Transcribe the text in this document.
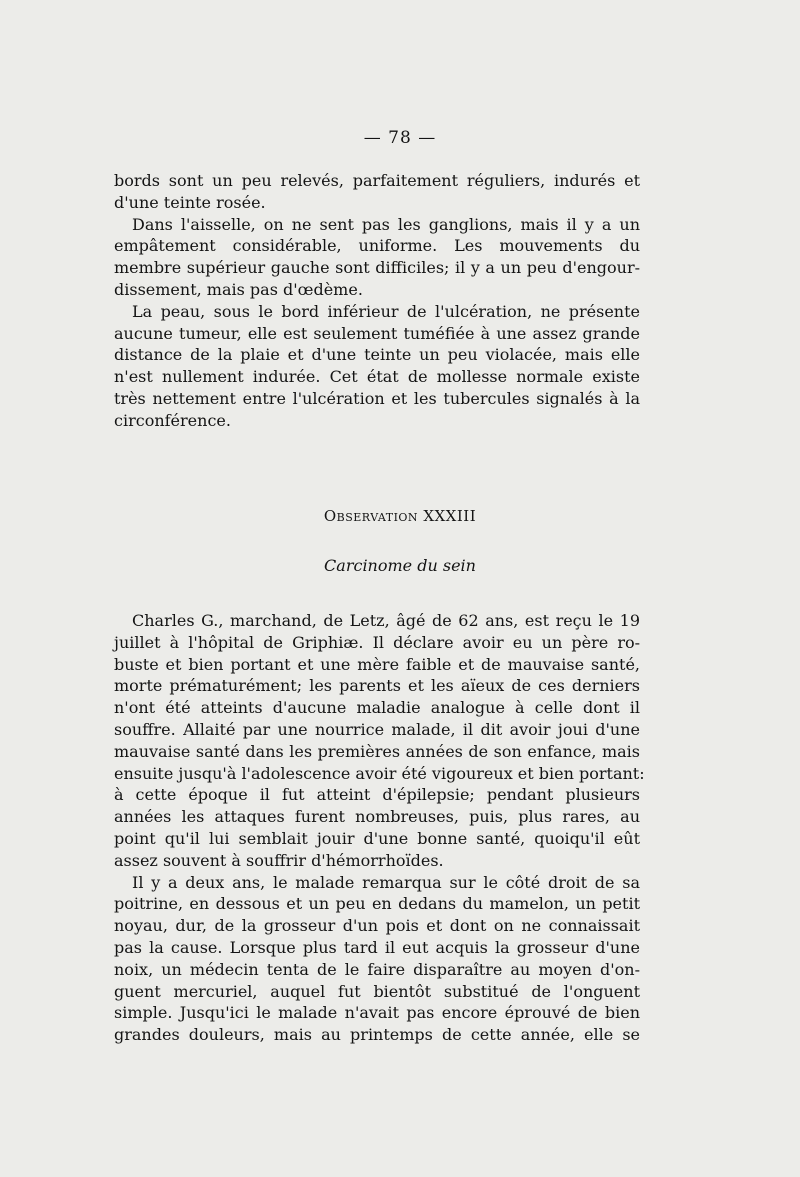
— 78 —
bords sont un peu relevés, parfaitement réguliers, indurés et
d'une teinte rosée.
Dans l'aisselle, on ne sent pas les ganglions, mais il y a un
empâtement considérable, uniforme. Les mouvements du
membre supérieur gauche sont difficiles; il y a un peu d'engour-
dissement, mais pas d'œdème.
La peau, sous le bord inférieur de l'ulcération, ne présente
aucune tumeur, elle est seulement tuméfiée à une assez grande
distance de la plaie et d'une teinte un peu violacée, mais elle
n'est nullement indurée. Cet état de mollesse normale existe
très nettement entre l'ulcération et les tubercules signalés à la
circonférence.
Observation XXXIII
Carcinome du sein
Charles G., marchand, de Letz, âgé de 62 ans, est reçu le 19
juillet à l'hôpital de Griphiæ. Il déclare avoir eu un père ro-
buste et bien portant et une mère faible et de mauvaise santé,
morte prématurément; les parents et les aïeux de ces derniers
n'ont été atteints d'aucune maladie analogue à celle dont il
souffre. Allaité par une nourrice malade, il dit avoir joui d'une
mauvaise santé dans les premières années de son enfance, mais
ensuite jusqu'à l'adolescence avoir été vigoureux et bien portant:
à cette époque il fut atteint d'épilepsie; pendant plusieurs
années les attaques furent nombreuses, puis, plus rares, au
point qu'il lui semblait jouir d'une bonne santé, quoiqu'il eût
assez souvent à souffrir d'hémorrhoïdes.
Il y a deux ans, le malade remarqua sur le côté droit de sa
poitrine, en dessous et un peu en dedans du mamelon, un petit
noyau, dur, de la grosseur d'un pois et dont on ne connaissait
pas la cause. Lorsque plus tard il eut acquis la grosseur d'une
noix, un médecin tenta de le faire disparaître au moyen d'on-
guent mercuriel, auquel fut bientôt substitué de l'onguent
simple. Jusqu'ici le malade n'avait pas encore éprouvé de bien
grandes douleurs, mais au printemps de cette année, elle se
